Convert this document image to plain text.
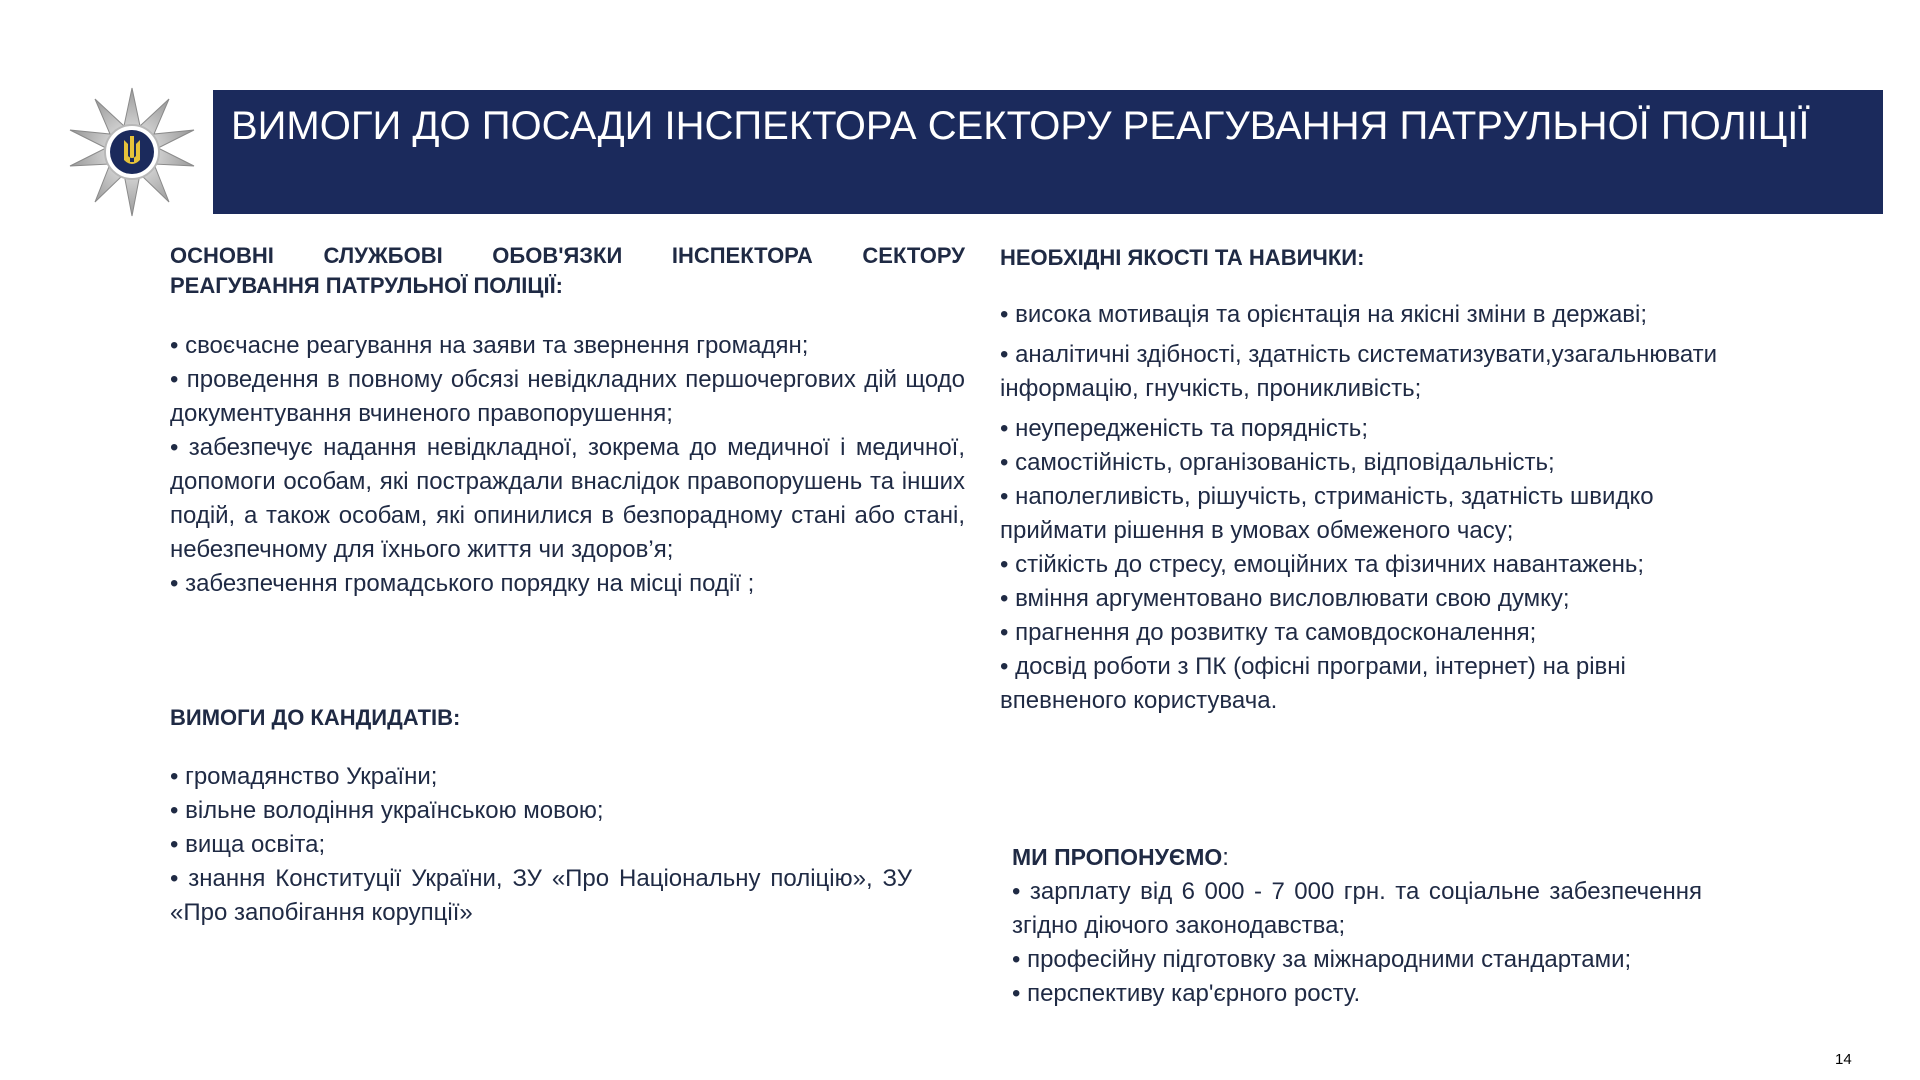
ВИМОГИ ДО ПОСАДИ ІНСПЕКТОРА СЕКТОРУ РЕАГУВАННЯ ПАТРУЛЬНОЇ ПОЛІЦІЇ
ОСНОВНІ СЛУЖБОВІ ОБОВ'ЯЗКИ ІНСПЕКТОРА СЕКТОРУ
РЕАГУВАННЯ ПАТРУЛЬНОЇ ПОЛІЦІЇ:

• своєчасне реагування на заяви та звернення громадян;

• проведення в повному обсязі невідкладних першочергових дій щодо документування вчиненого правопорушення;

• забезпечує надання невідкладної, зокрема до медичної і медичної, допомоги особам, які постраждали внаслідок правопорушень та інших подій, а також особам, які опинилися в безпорадному стані або стані, небезпечному для їхнього життя чи здоров’я;

• забезпечення громадського порядку на місці події ;

ВИМОГИ ДО КАНДИДАТІВ:

• громадянство України;

• вільне володіння українською мовою;

• вища освіта;

• знання Конституції України, ЗУ «Про Національну поліцію», ЗУ «Про запобігання корупції»

НЕОБХІДНІ ЯКОСТІ ТА НАВИЧКИ:

• висока мотивація та орієнтація на якісні зміни в державі;

• аналітичні здібності, здатність систематизувати,узагальнювати інформацію, гнучкість, проникливість;

• неупередженість та порядність;

• самостійність, організованість, відповідальність;

• наполегливість, рішучість, стриманість, здатність швидко приймати рішення в умовах обмеженого часу;

• стійкість до стресу, емоційних та фізичних навантажень;

• вміння аргументовано висловлювати свою думку;

• прагнення до розвитку та самовдосконалення;

• досвід роботи з ПК (офісні програми, інтернет) на рівні впевненого користувача.

МИ ПРОПОНУЄМО:

• зарплату від 6 000 - 7 000 грн. та соціальне забезпечення згідно діючого законодавства;

• професійну підготовку за міжнародними стандартами;

• перспективу кар'єрного росту.

14
